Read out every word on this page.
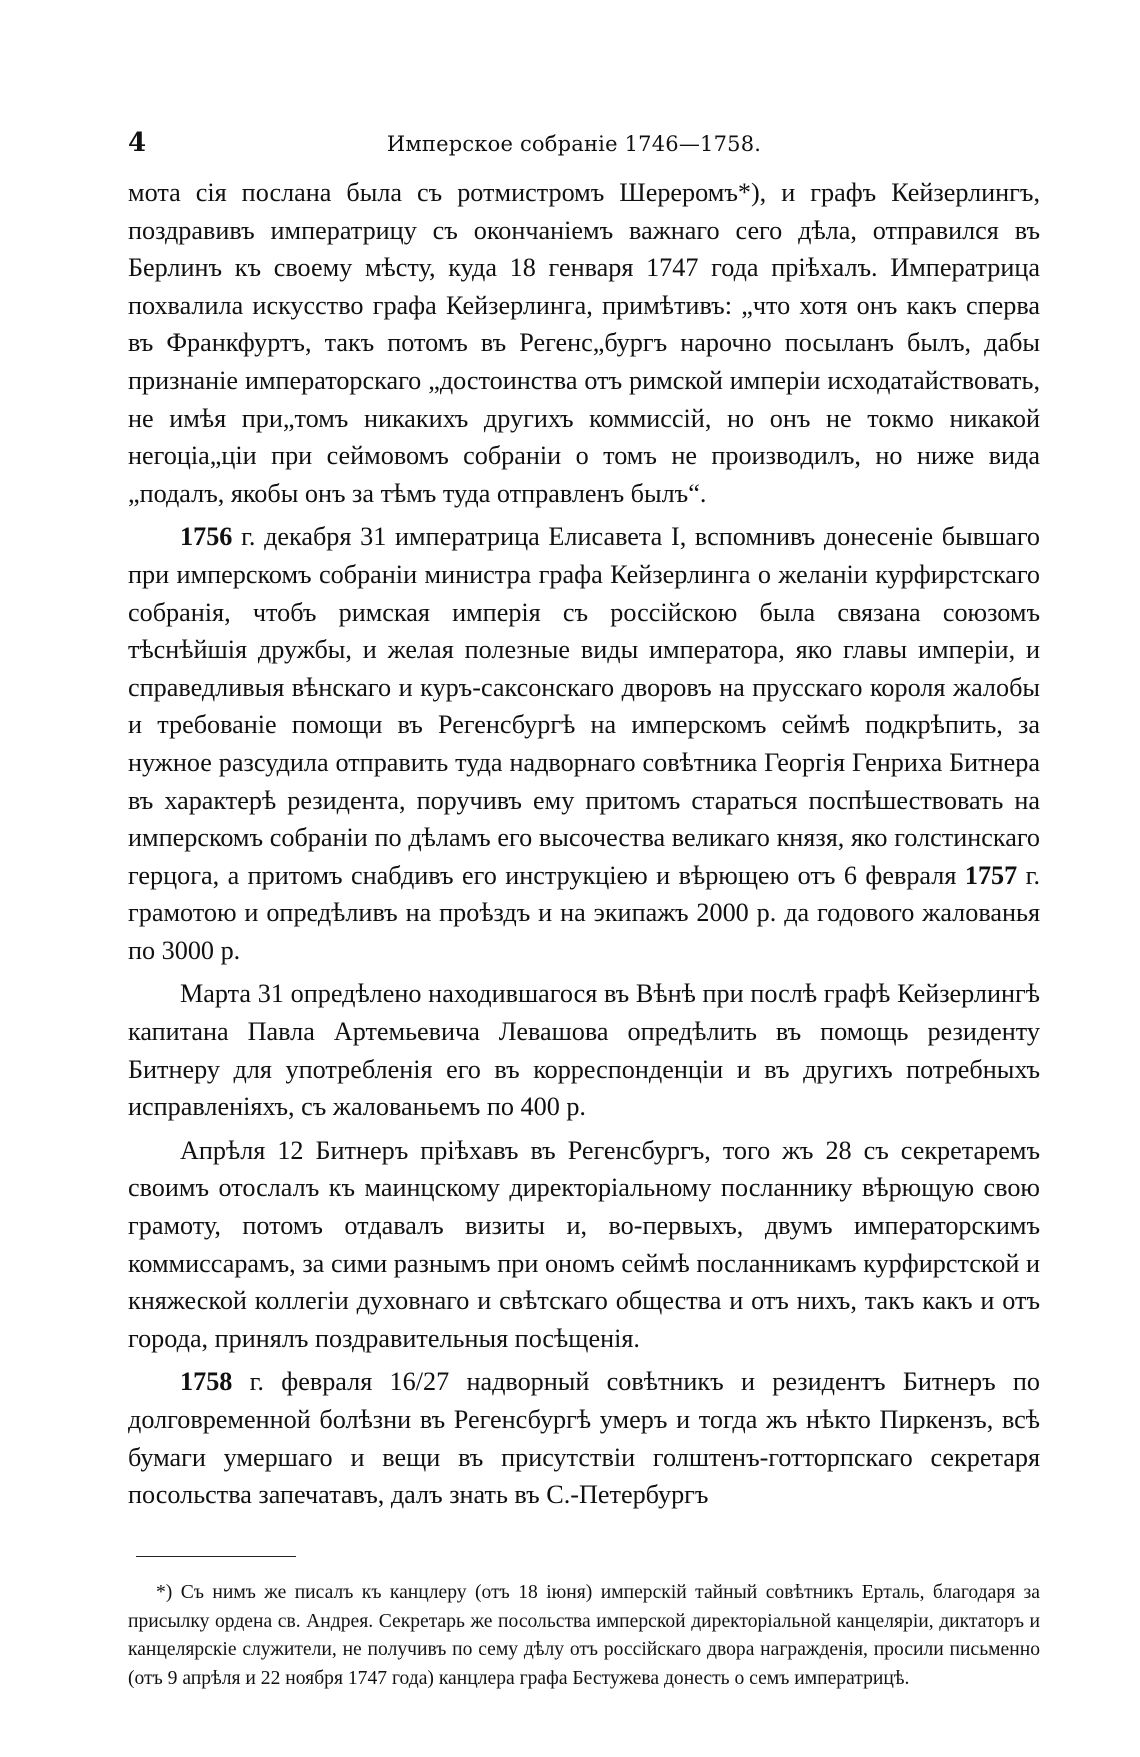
4	Имперское собранie 1746—1758.

мота сiя послана была съ ротмистромъ Шереромъ*), и графъ Кейзерлингъ, поздравивъ императрицу съ окончанiемъ важнаго сего дѣла, отправился въ Берлинъ къ своему мѣсту, куда 18 генваря 1747 года прiѣхалъ. Императрица похвалила искусство графа Кейзерлинга, примѣтивъ: „что хотя онъ какъ сперва въ Франкфуртъ, такъ потомъ въ Регенс„бургъ нарочно посыланъ былъ, дабы признанie императорскаго „достоинства отъ римской имперiи исходатайствовать, не имѣя при„томъ никакихъ другихъ коммиссiй, но онъ не токмо никакой негоцiа„цiи при сеймовомъ собранiи о томъ не производилъ, но ниже вида „подалъ, якобы онъ за тѣмъ туда отправленъ былъ“.

1756 г. декабря 31 императрица Елисавета I, вспомнивъ донесенie бывшаго при имперскомъ собранiи министра графа Кейзерлинга о желанiи курфирстскаго собранiя, чтобъ римская имперiя съ россiйскою была связана союзомъ тѣснѣйшiя дружбы, и желая полезные виды императора, яко главы имперiи, и справедливыя вѣнскаго и куръ-саксонскаго дворовъ на прусскаго короля жалобы и требованie помощи въ Регенсбургѣ на имперскомъ сеймѣ подкрѣпить, за нужное разсудила отправить туда надворнаго совѣтника Георгiя Генриха Битнера въ характерѣ резидента, поручивъ ему притомъ стараться поспѣшествовать на имперскомъ собранiи по дѣламъ его высочества великаго князя, яко голстинскаго герцога, а притомъ снабдивъ его инструкцiею и вѣрющею отъ 6 февраля 1757 г. грамотою и опредѣливъ на проѣздъ и на экипажъ 2000 р. да годового жалованья по 3000 р.

Марта 31 опредѣлено находившагося въ Вѣнѣ при послѣ графѣ Кейзерлингѣ капитана Павла Артемьевича Левашова опредѣлить въ помощь резиденту Битнеру для употребленiя его въ корреспонденцiи и въ другихъ потребныхъ исправленiяхъ, съ жалованьемъ по 400 р.

Апрѣля 12 Битнеръ прiѣхавъ въ Регенсбургъ, того жъ 28 съ секретаремъ своимъ отослалъ къ маинцскому директорiальному посланнику вѣрющую свою грамоту, потомъ отдавалъ визиты и, во-первыхъ, двумъ императорскимъ коммиссарамъ, за сими разнымъ при ономъ сеймѣ посланникамъ курфирстской и княжеской коллегiи духовнаго и свѣтскаго общества и отъ нихъ, такъ какъ и отъ города, принялъ поздравительныя посѣщенiя.

1758 г. февраля 16/27 надворный совѣтникъ и резидентъ Битнеръ по долговременной болѣзни въ Регенсбургѣ умеръ и тогда жъ нѣкто Пиркензъ, всѣ бумаги умершаго и вещи въ присутствiи голштенъ-готторпскаго секретаря посольства запечатавъ, далъ знать въ С.-Петербургъ

*) Съ нимъ же писалъ къ канцлеру (отъ 18 iюня) имперскiй тайный совѣтникъ Ерталь, благодаря за присылку ордена св. Андрея. Секретарь же посольства имперской директорiальной канцелярiи, диктаторъ и канцелярскiе служители, не получивъ по сему дѣлу отъ россiйскаго двора награжденiя, просили письменно (отъ 9 апрѣля и 22 ноября 1747 года) канцлера графа Бестужева донесть о семъ императрицѣ.
